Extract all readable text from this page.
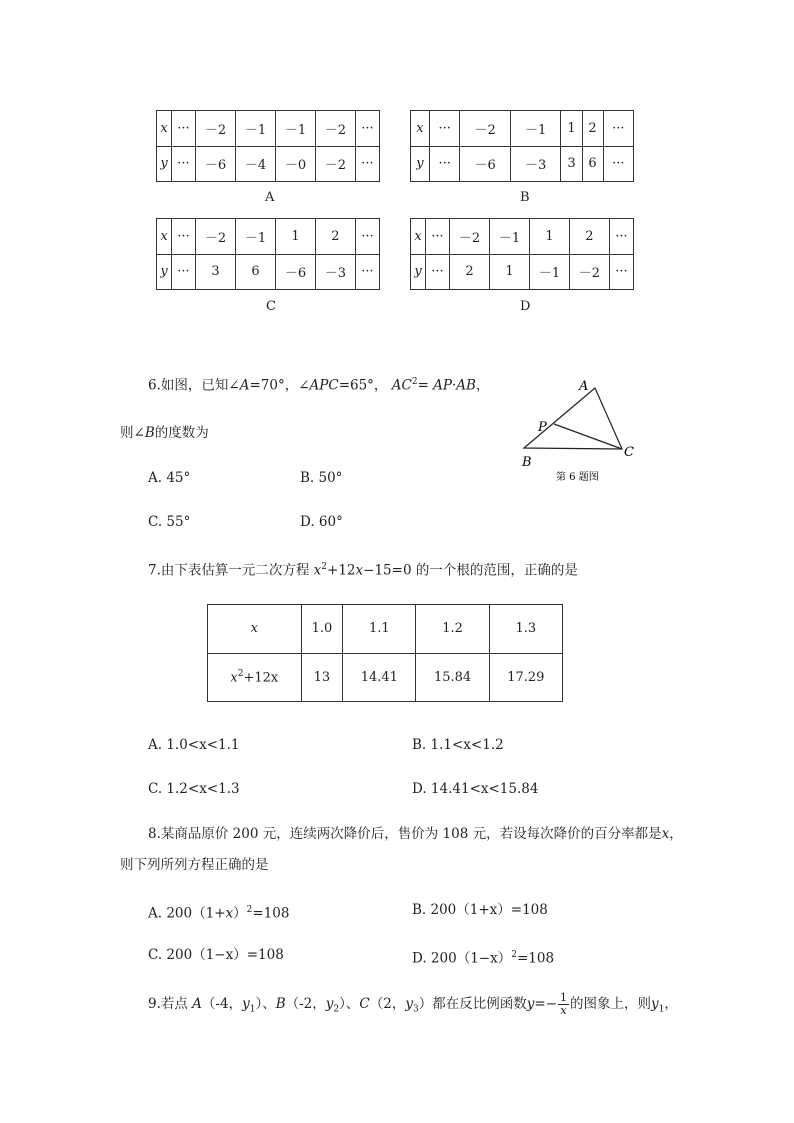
x	···	－2	－1	－1	－2	···
y	···	－6	－4	－0	－2	···
A
x	···	－2	－1	1	2	···
y	···	－6	－3	3	6	···
B
x	···	－2	－1	1	2	···
y	···	3	6	－6	－3	···
C
x	···	－2	－1	1	2	···
y	···	2	1	－1	－2	···
D
6.如图，已知∠A=70°，∠APC=65°， $AC^2= AP\cdot AB$，
则∠B的度数为
A. 45°	B. 50°
C. 55°	D. 60°
A
P
B
C
第 6 题图
7.由下表估算一元二次方程 $x^2+12x-15=0$ 的一个根的范围，正确的是
x	1.0	1.1	1.2	1.3
$x^2+12x$	13	14.41	15.84	17.29
A. 1.0<x<1.1	B. 1.1<x<1.2
C. 1.2<x<1.3	D. 14.41<x<15.84
8.某商品原价 200 元，连续两次降价后，售价为 108 元，若设每次降价的百分率都是x，
则下列所列方程正确的是
A. $200(1+x)^2=108$	B. 200（1+x）=108
C. 200（1−x）=108	D. $200(1-x)^2=108$
9.若点 A（-4，$y_1$）、B（-2，$y_2$）、C（2，$y_3$）都在反比例函数$y=- \frac{1}{x}$ 的图象上，则$y_1$，
